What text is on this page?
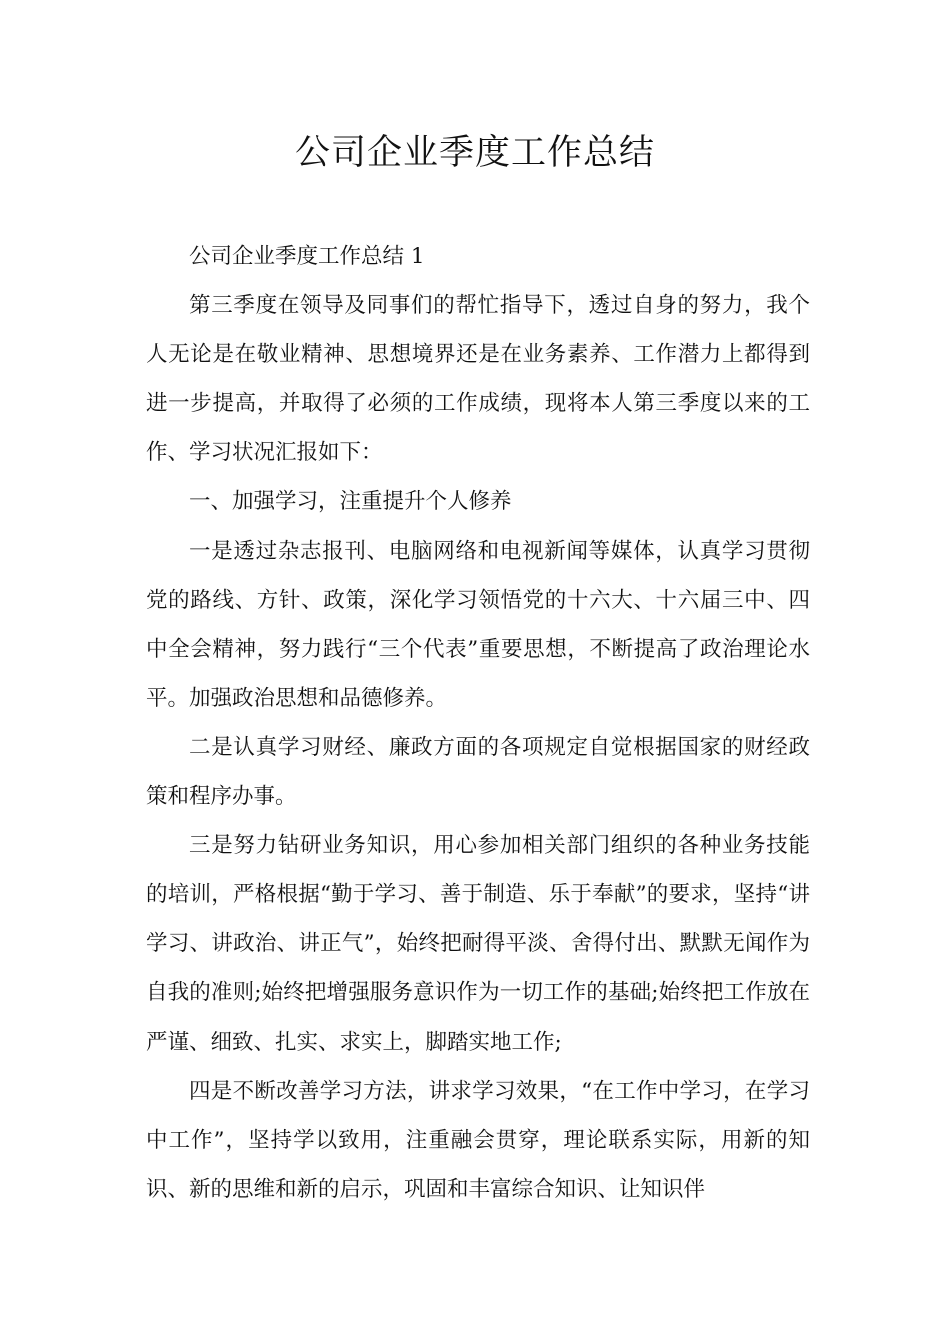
公司企业季度工作总结

公司企业季度工作总结 1

第三季度在领导及同事们的帮忙指导下，透过自身的努力，我个人无论是在敬业精神、思想境界还是在业务素养、工作潜力上都得到进一步提高，并取得了必须的工作成绩，现将本人第三季度以来的工作、学习状况汇报如下：

一、加强学习，注重提升个人修养

一是透过杂志报刊、电脑网络和电视新闻等媒体，认真学习贯彻党的路线、方针、政策，深化学习领悟党的十六大、十六届三中、四中全会精神，努力践行“三个代表”重要思想，不断提高了政治理论水平。加强政治思想和品德修养。

二是认真学习财经、廉政方面的各项规定自觉根据国家的财经政策和程序办事。

三是努力钻研业务知识，用心参加相关部门组织的各种业务技能的培训，严格根据“勤于学习、善于制造、乐于奉献”的要求，坚持“讲学习、讲政治、讲正气”，始终把耐得平淡、舍得付出、默默无闻作为自我的准则;始终把增强服务意识作为一切工作的基础;始终把工作放在严谨、细致、扎实、求实上，脚踏实地工作;

四是不断改善学习方法，讲求学习效果，“在工作中学习，在学习中工作”，坚持学以致用，注重融会贯穿，理论联系实际，用新的知识、新的思维和新的启示，巩固和丰富综合知识、让知识伴
